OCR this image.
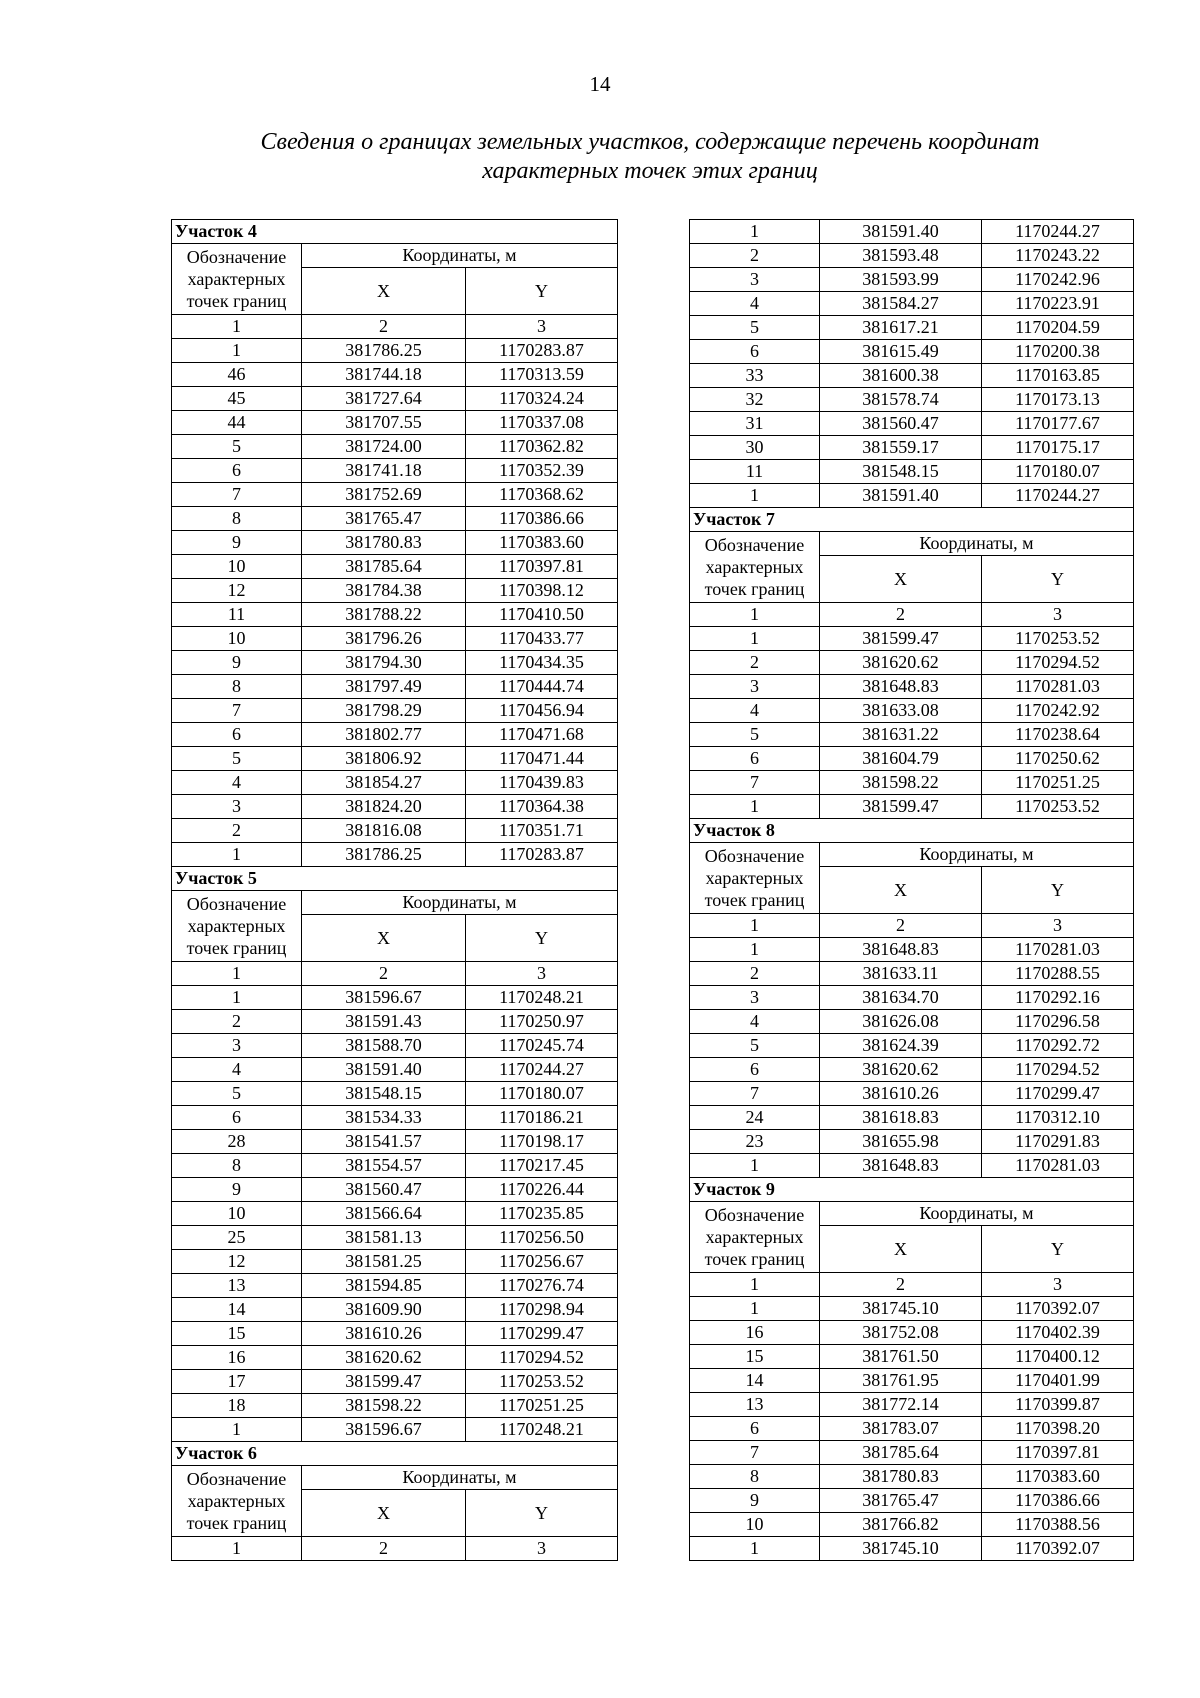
14
Сведения о границах земельных участков, содержащие перечень координат
характерных точек этих границ
Участок 4		

Обозначение
характерных
точек границ	Координаты, м	
	X	Y
1	2	3
1	381786.25	1170283.87
46	381744.18	1170313.59
45	381727.64	1170324.24
44	381707.55	1170337.08
5	381724.00	1170362.82
6	381741.18	1170352.39
7	381752.69	1170368.62
8	381765.47	1170386.66
9	381780.83	1170383.60
10	381785.64	1170397.81
12	381784.38	1170398.12
11	381788.22	1170410.50
10	381796.26	1170433.77
9	381794.30	1170434.35
8	381797.49	1170444.74
7	381798.29	1170456.94
6	381802.77	1170471.68
5	381806.92	1170471.44
4	381854.27	1170439.83
3	381824.20	1170364.38
2	381816.08	1170351.71
1	381786.25	1170283.87
Участок 5		

Обозначение
характерных
точек границ	Координаты, м	
	X	Y
1	2	3
1	381596.67	1170248.21
2	381591.43	1170250.97
3	381588.70	1170245.74
4	381591.40	1170244.27
5	381548.15	1170180.07
6	381534.33	1170186.21
28	381541.57	1170198.17
8	381554.57	1170217.45
9	381560.47	1170226.44
10	381566.64	1170235.85
25	381581.13	1170256.50
12	381581.25	1170256.67
13	381594.85	1170276.74
14	381609.90	1170298.94
15	381610.26	1170299.47
16	381620.62	1170294.52
17	381599.47	1170253.52
18	381598.22	1170251.25
1	381596.67	1170248.21
Участок 6		

Обозначение
характерных
точек границ	Координаты, м	
	X	Y
1	2	3
1	381591.40	1170244.27
2	381593.48	1170243.22
3	381593.99	1170242.96
4	381584.27	1170223.91
5	381617.21	1170204.59
6	381615.49	1170200.38
33	381600.38	1170163.85
32	381578.74	1170173.13
31	381560.47	1170177.67
30	381559.17	1170175.17
11	381548.15	1170180.07
1	381591.40	1170244.27
Участок 7		

Обозначение
характерных
точек границ	Координаты, м	
	X	Y
1	2	3
1	381599.47	1170253.52
2	381620.62	1170294.52
3	381648.83	1170281.03
4	381633.08	1170242.92
5	381631.22	1170238.64
6	381604.79	1170250.62
7	381598.22	1170251.25
1	381599.47	1170253.52
Участок 8		

Обозначение
характерных
точек границ	Координаты, м	
	X	Y
1	2	3
1	381648.83	1170281.03
2	381633.11	1170288.55
3	381634.70	1170292.16
4	381626.08	1170296.58
5	381624.39	1170292.72
6	381620.62	1170294.52
7	381610.26	1170299.47
24	381618.83	1170312.10
23	381655.98	1170291.83
1	381648.83	1170281.03
Участок 9		

Обозначение
характерных
точек границ	Координаты, м	
	X	Y
1	2	3
1	381745.10	1170392.07
16	381752.08	1170402.39
15	381761.50	1170400.12
14	381761.95	1170401.99
13	381772.14	1170399.87
6	381783.07	1170398.20
7	381785.64	1170397.81
8	381780.83	1170383.60
9	381765.47	1170386.66
10	381766.82	1170388.56
1	381745.10	1170392.07
